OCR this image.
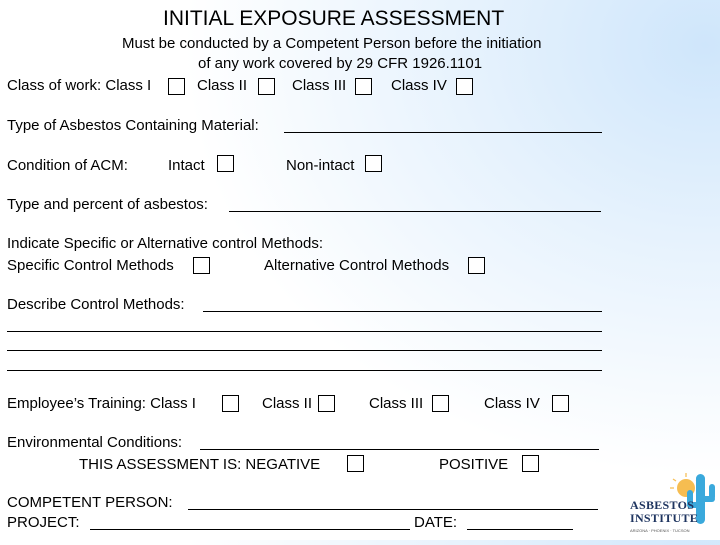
INITIAL EXPOSURE ASSESSMENT
Must be conducted by a Competent Person before the initiation
of any work covered by 29 CFR 1926.1101
Class of work: Class I	Class II	Class III	Class IV
Type of Asbestos Containing Material:
Condition of ACM:	Intact	Non-intact
Type and percent of asbestos:
Indicate Specific or Alternative control Methods:
Specific Control Methods	Alternative Control Methods
Describe Control Methods:
Employee’s Training: Class I	Class II	Class III	Class IV
Environmental Conditions:
THIS ASSESSMENT IS: NEGATIVE	POSITIVE
COMPETENT PERSON:
PROJECT:	DATE:
ASBESTOS
INSTITUTE
ARIZONA · PHOENIX · TUCSON
